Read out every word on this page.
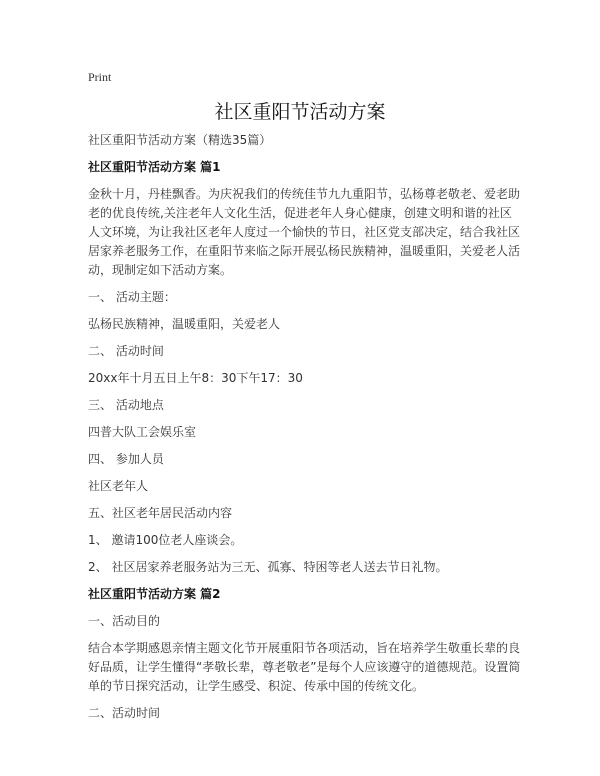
Print
社区重阳节活动方案
社区重阳节活动方案（精选35篇）
社区重阳节活动方案 篇1
金秋十月，丹桂飘香。为庆祝我们的传统佳节九九重阳节，弘杨尊老敬老、爱老助
老的优良传统,关注老年人文化生活，促进老年人身心健康，创建文明和谐的社区
人文环境，为让我社区老年人度过一个愉快的节日，社区党支部决定，结合我社区
居家养老服务工作，在重阳节来临之际开展弘杨民族精神，温暖重阳，关爱老人活
动，现制定如下活动方案。
一、 活动主题：
弘杨民族精神，温暖重阳，关爱老人
二、 活动时间
20xx年十月五日上午8：30下午17：30
三、 活动地点
四普大队工会娱乐室
四、 参加人员
社区老年人
五、社区老年居民活动内容
1、 邀请100位老人座谈会。
2、 社区居家养老服务站为三无、孤寡、特困等老人送去节日礼物。
社区重阳节活动方案 篇2
一、活动目的
结合本学期感恩亲情主题文化节开展重阳节各项活动，旨在培养学生敬重长辈的良
好品质，让学生懂得“孝敬长辈，尊老敬老”是每个人应该遵守的道德规范。设置简
单的节日探究活动，让学生感受、积淀、传承中国的传统文化。
二、活动时间
